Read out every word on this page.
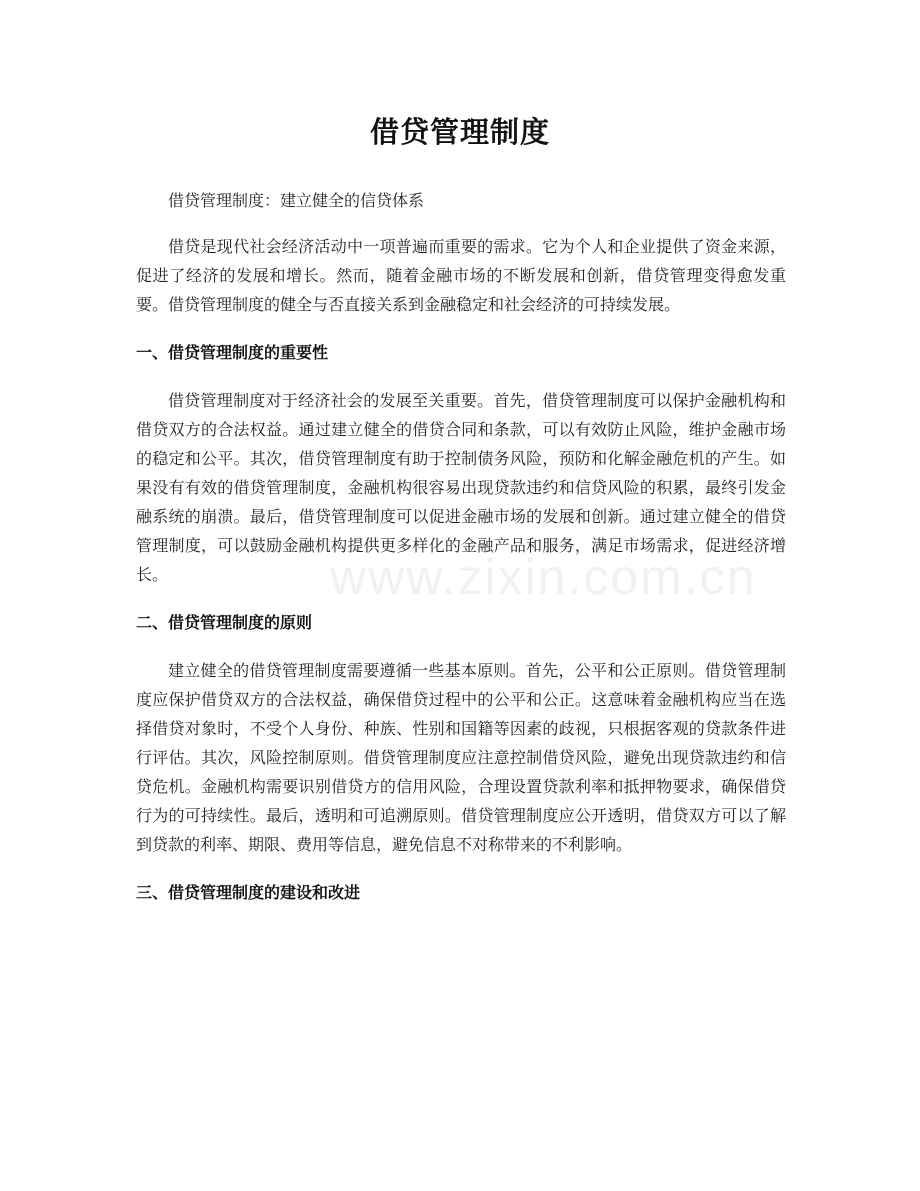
www.zixin.com.cn
借贷管理制度

借贷管理制度：建立健全的信贷体系

借贷是现代社会经济活动中一项普遍而重要的需求。它为个人和企业提供了资金来源，促进了经济的发展和增长。然而，随着金融市场的不断发展和创新，借贷管理变得愈发重要。借贷管理制度的健全与否直接关系到金融稳定和社会经济的可持续发展。

一、借贷管理制度的重要性

借贷管理制度对于经济社会的发展至关重要。首先，借贷管理制度可以保护金融机构和借贷双方的合法权益。通过建立健全的借贷合同和条款，可以有效防止风险，维护金融市场的稳定和公平。其次，借贷管理制度有助于控制债务风险，预防和化解金融危机的产生。如果没有有效的借贷管理制度，金融机构很容易出现贷款违约和信贷风险的积累，最终引发金融系统的崩溃。最后，借贷管理制度可以促进金融市场的发展和创新。通过建立健全的借贷管理制度，可以鼓励金融机构提供更多样化的金融产品和服务，满足市场需求，促进经济增长。

二、借贷管理制度的原则

建立健全的借贷管理制度需要遵循一些基本原则。首先，公平和公正原则。借贷管理制度应保护借贷双方的合法权益，确保借贷过程中的公平和公正。这意味着金融机构应当在选择借贷对象时，不受个人身份、种族、性别和国籍等因素的歧视，只根据客观的贷款条件进行评估。其次，风险控制原则。借贷管理制度应注意控制借贷风险，避免出现贷款违约和信贷危机。金融机构需要识别借贷方的信用风险，合理设置贷款利率和抵押物要求，确保借贷行为的可持续性。最后，透明和可追溯原则。借贷管理制度应公开透明，借贷双方可以了解到贷款的利率、期限、费用等信息，避免信息不对称带来的不利影响。

三、借贷管理制度的建设和改进
